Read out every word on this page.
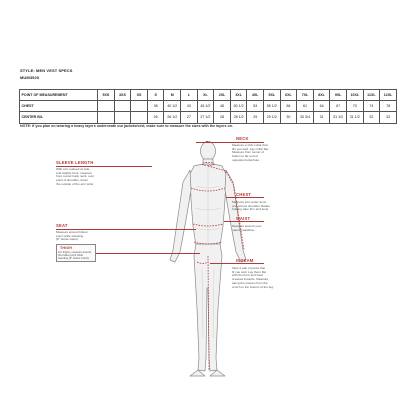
STYLE: MEN VEST SPECS
MUM3520
POINT OF MEASUREMENT	5XS	3XS	XS	S	M	L	XL	2XL	3XL	4XL	5XL	6XL	7XL	8XL	9XL	10XL	11XL	12XL
CHEST				38	40 1/2	43	45 1/2	48	50 1/2	53	55 1/2	58	61	64	67	70	74	78
CENTER B/L				26	26 1/2	27	27 1/2	28	28 1/2	29	29 1/2	30	30 3/4	31	31 1/2	31 1/2	32	33
NOTE: If you plan on wearing a heavy layers underneath our jackets/vest, make sure to measure the sizes with the layers on.
NECK
Measure a shirt collar that
fits you well. Lay collar flat.
Measure from center of
button to far end of
opposite buttonhole.
CHEST
Measure just under arms
and across shoulder blades
holding tape firm and level.
WAIST
Measure around your
natural waistline.
INSEAM
Take a pair of pants that
fit you well. Lay them flat
with the front and back
creased inwards. Measure
along the inseam from the
crotch to the bottom of the leg.
SLEEVE LENGTH
With arm relaxed at side
and slightly bent, measure
from center back neck, over
point of shoulder, down
the outside of the arm wrist.
SEAT
Measure around fullest
point while standing
(8" below waist).
THIGH
For thighs, measure around
the fullest point while
standing (8" below crotch).
